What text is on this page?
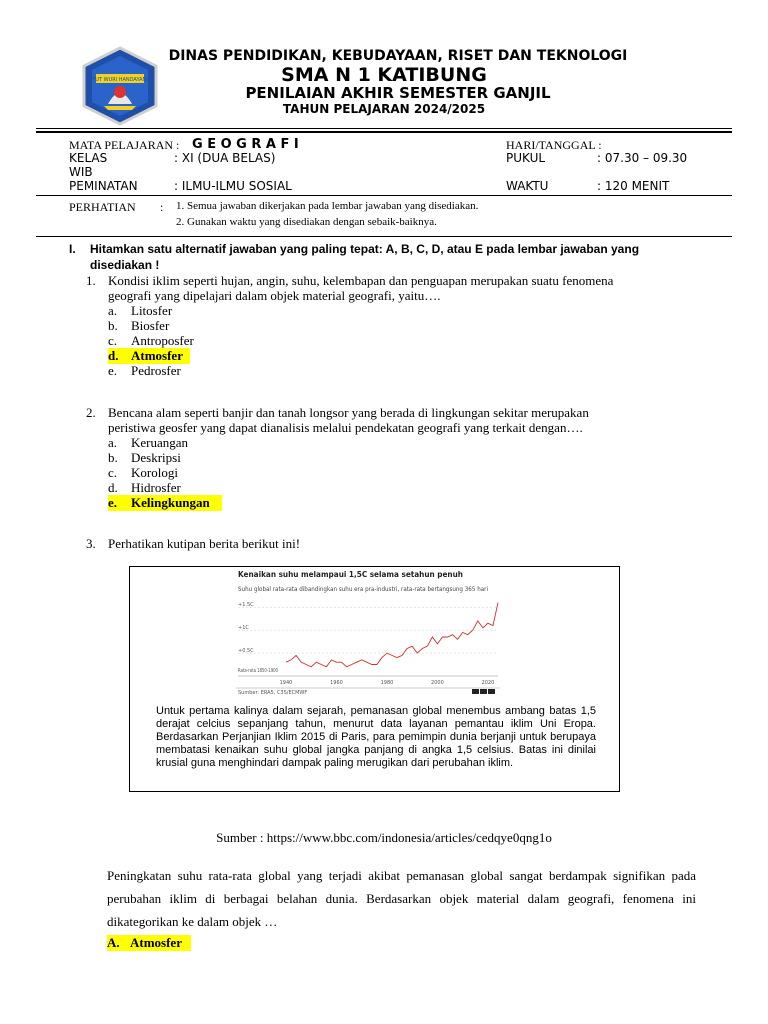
TUT WURI HANDAYANI
DINAS PENDIDIKAN, KEBUDAYAAN, RISET DAN TEKNOLOGI
SMA N 1 KATIBUNG
PENILAIAN AKHIR SEMESTER GANJIL
TAHUN PELAJARAN 2024/2025
MATA PELAJARAN : G E O G R A F I	HARI/TANGGAL :
KELAS	: XI (DUA BELAS)	PUKUL	: 07.30 – 09.30
WIB
PEMINATAN	: ILMU-ILMU SOSIAL	WAKTU	: 120 MENIT
PERHATIAN : 1. Semua jawaban dikerjakan pada lembar jawaban yang disediakan.
2. Gunakan waktu yang disediakan dengan sebaik-baiknya.
I. Hitamkan satu alternatif jawaban yang paling tepat: A, B, C, D, atau E pada lembar jawaban yang
disediakan !
1. Kondisi iklim seperti hujan, angin, suhu, kelembapan dan penguapan merupakan suatu fenomena
geografi yang dipelajari dalam objek material geografi, yaitu….
a. Litosfer
b. Biosfer
c. Antroposfer
d. Atmosfer
e. Pedrosfer
2. Bencana alam seperti banjir dan tanah longsor yang berada di lingkungan sekitar merupakan
peristiwa geosfer yang dapat dianalisis melalui pendekatan geografi yang terkait dengan….
a. Keruangan
b. Deskripsi
c. Korologi
d. Hidrosfer
e. Kelingkungan
3. Perhatikan kutipan berita berikut ini!
Kenaikan suhu melampaui 1,5C selama setahun penuh
Suhu global rata-rata dibandingkan suhu era pra-industri, rata-rata bertangsung 365 hari
+1.5C
+1C
+0.5C
Rata-rata 1850-1900
1940	1960	1980	2000	2020
Sumber: ERA5, C3S/ECMWF
Untuk pertama kalinya dalam sejarah, pemanasan global menembus ambang batas 1,5 derajat celcius sepanjang tahun, menurut data layanan pemantau iklim Uni Eropa. Berdasarkan Perjanjian Iklim 2015 di Paris, para pemimpin dunia berjanji untuk berupaya membatasi kenaikan suhu global jangka panjang di angka 1,5 celsius. Batas ini dinilai krusial guna menghindari dampak paling merugikan dari perubahan iklim.
Sumber : https://www.bbc.com/indonesia/articles/cedqye0qng1o
Peningkatan suhu rata-rata global yang terjadi akibat pemanasan global sangat berdampak signifikan pada perubahan iklim di berbagai belahan dunia. Berdasarkan objek material dalam geografi, fenomena ini dikategorikan ke dalam objek …
A. Atmosfer
